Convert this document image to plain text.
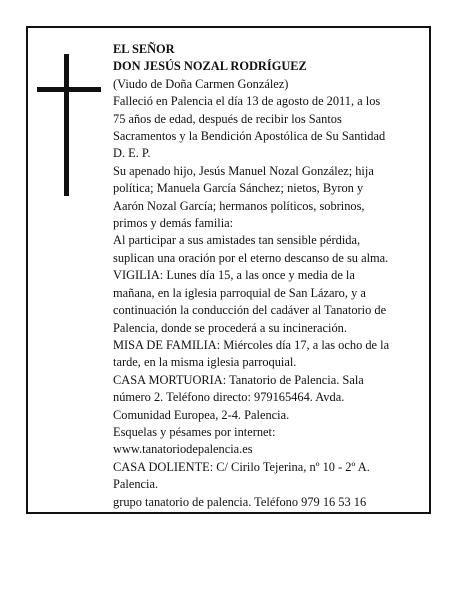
EL SEÑOR
DON JESÚS NOZAL RODRÍGUEZ
(Viudo de Doña Carmen González)
Falleció en Palencia el día 13 de agosto de 2011, a los
75 años de edad, después de recibir los Santos
Sacramentos y la Bendición Apostólica de Su Santidad
D. E. P.
Su apenado hijo, Jesús Manuel Nozal González; hija
política; Manuela García Sánchez; nietos, Byron y
Aarón Nozal García; hermanos políticos, sobrinos,
primos y demás familia:
Al participar a sus amistades tan sensible pérdida,
suplican una oración por el eterno descanso de su alma.
VIGILIA: Lunes día 15, a las once y media de la
mañana, en la iglesia parroquial de San Lázaro, y a
continuación la conducción del cadáver al Tanatorio de
Palencia, donde se procederá a su incineración.
MISA DE FAMILIA: Miércoles día 17, a las ocho de la
tarde, en la misma iglesia parroquial.
CASA MORTUORIA: Tanatorio de Palencia. Sala
número 2. Teléfono directo: 979165464. Avda.
Comunidad Europea, 2-4. Palencia.
Esquelas y pésames por internet:
www.tanatoriodepalencia.es
CASA DOLIENTE: C/ Cirilo Tejerina, nº 10 - 2º A.
Palencia.
grupo tanatorio de palencia. Teléfono 979 16 53 16
